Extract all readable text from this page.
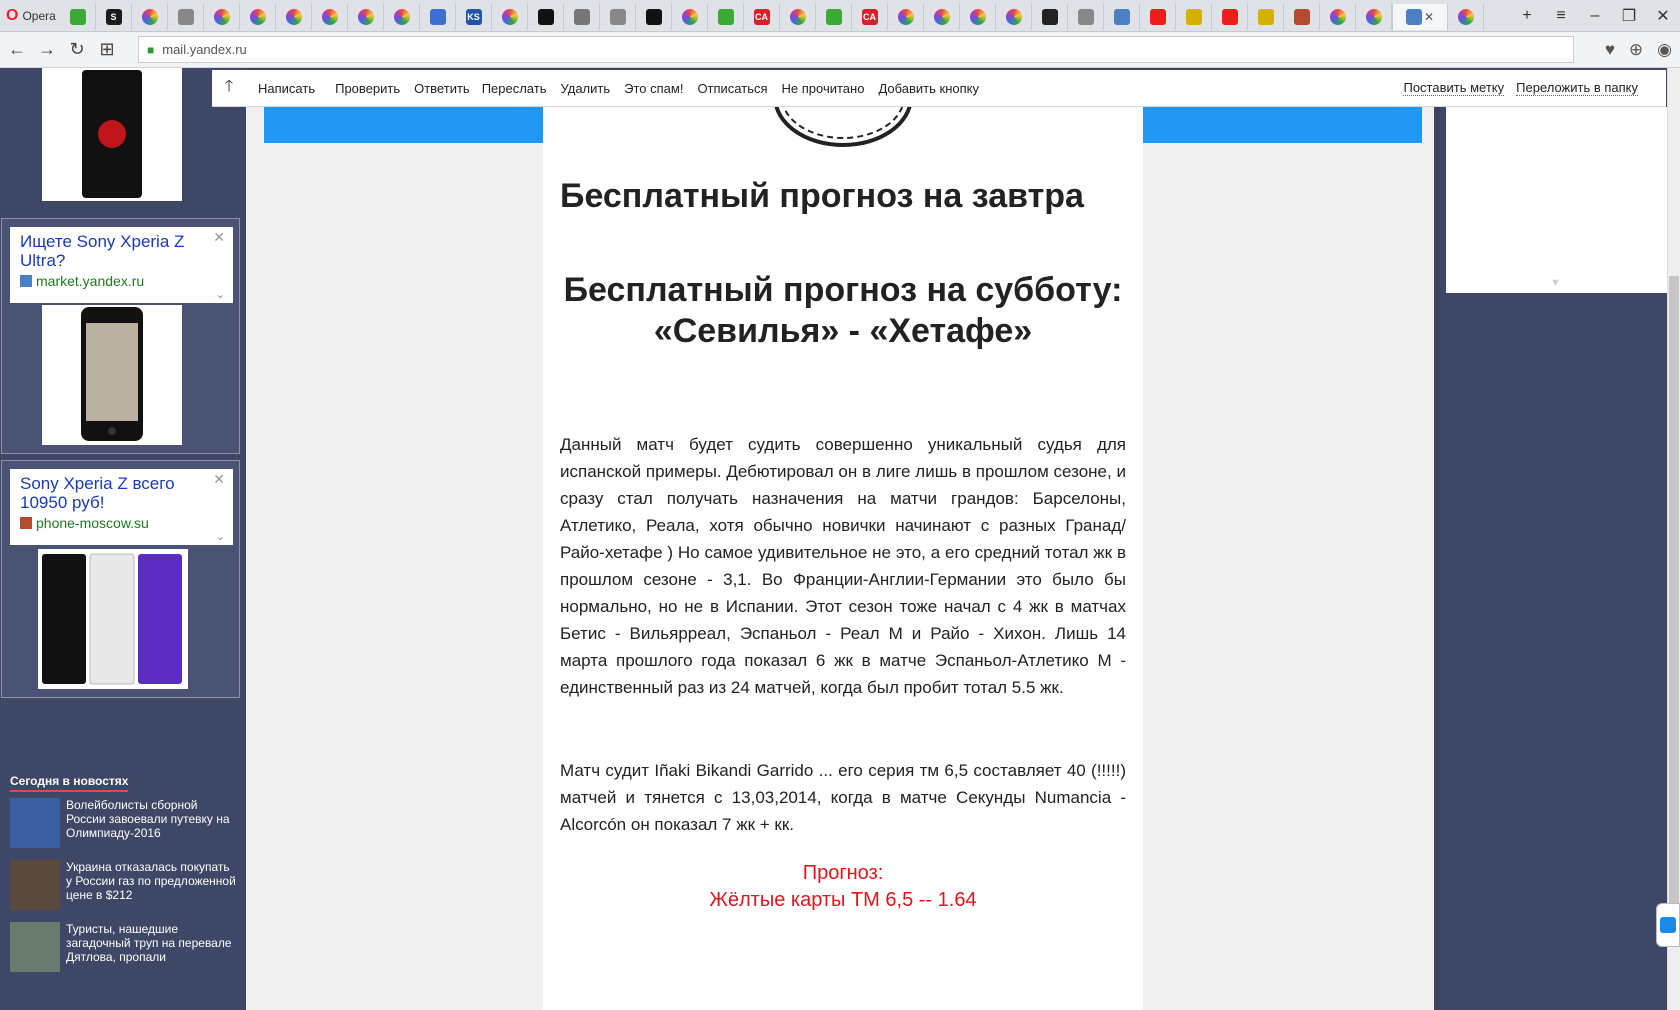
O Opera	S	KS	CA	CA	✕	+	≡	–	❐	✕
← → ↻ ⊞	■ mail.yandex.ru	♥ ⊕ ◉
Ищете Sony Xperia Z Ultra?
market.yandex.ru
✕
⌄
Sony Xperia Z всего 10950 руб!
phone-moscow.su
✕
⌄
Сегодня в новостях
Волейболисты сборной России завоевали путевку на Олимпиаду-2016
Украина отказалась покупать у России газ по предложенной цене в $212
Туристы, нашедшие загадочный труп на перевале Дятлова, пропали
▼
Бесплатный прогноз на завтра
Бесплатный прогноз на субботу: «Севилья» - «Хетафе»
Данный матч будет судить совершенно уникальный судья для испанской примеры. Дебютировал он в лиге лишь в прошлом сезоне, и сразу стал получать назначения на матчи грандов: Барселоны, Атлетико, Реала, хотя обычно новички начинают с разных Гранад/Райо-хетафе ) Но самое удивительное не это, а его средний тотал жк в прошлом сезоне - 3,1. Во Франции-Англии-Германии это было бы нормально, но не в Испании. Этот сезон тоже начал с 4 жк в матчах Бетис - Вильярреал, Эспаньол - Реал М и Райо - Хихон. Лишь 14 марта прошлого года показал 6 жк в матче Эспаньол-Атлетико М - единственный раз из 24 матчей, когда был пробит тотал 5.5 жк.
Матч судит Iñaki Bikandi Garrido ... его серия тм 6,5 составляет 40 (!!!!!) матчей и тянется с 13,03,2014, когда в матче Секунды Numancia - Alcorcón он показал 7 жк + кк.
Прогноз:
Жёлтые карты ТМ 6,5 -- 1.64
🡑	Написать Проверить Ответить Переслать Удалить Это спам! Отписаться Не прочитано Добавить кнопку	Поставить метку Переложить в папку
